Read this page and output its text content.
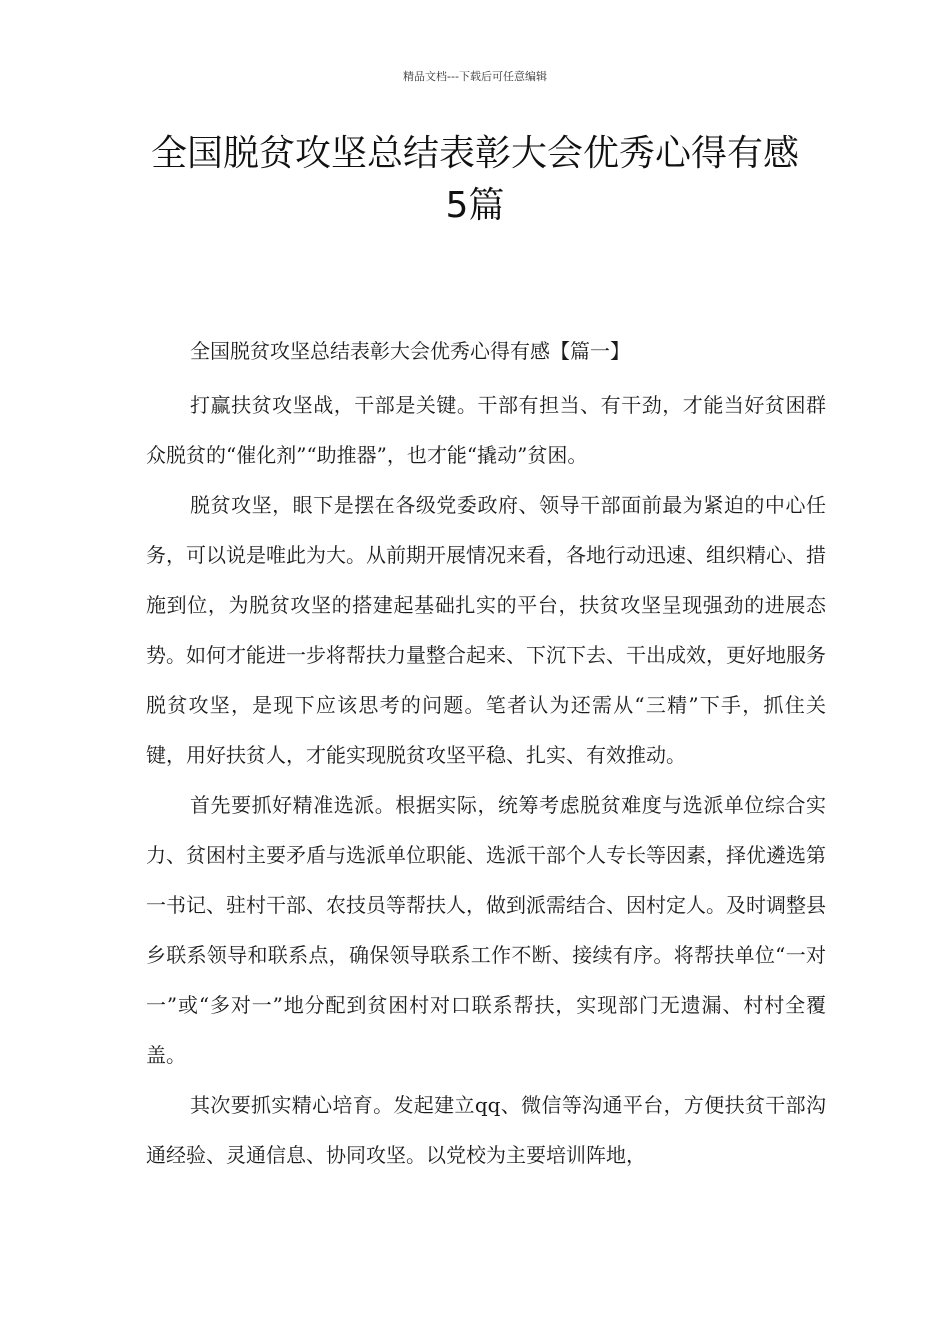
精品文档---下载后可任意编辑
全国脱贫攻坚总结表彰大会优秀心得有感5篇
全国脱贫攻坚总结表彰大会优秀心得有感【篇一】

打赢扶贫攻坚战，干部是关键。干部有担当、有干劲，才能当好贫困群众脱贫的“催化剂”“助推器”，也才能“撬动”贫困。

脱贫攻坚，眼下是摆在各级党委政府、领导干部面前最为紧迫的中心任务，可以说是唯此为大。从前期开展情况来看，各地行动迅速、组织精心、措施到位，为脱贫攻坚的搭建起基础扎实的平台，扶贫攻坚呈现强劲的进展态势。如何才能进一步将帮扶力量整合起来、下沉下去、干出成效，更好地服务脱贫攻坚，是现下应该思考的问题。笔者认为还需从“三精”下手，抓住关键，用好扶贫人，才能实现脱贫攻坚平稳、扎实、有效推动。

首先要抓好精准选派。根据实际，统筹考虑脱贫难度与选派单位综合实力、贫困村主要矛盾与选派单位职能、选派干部个人专长等因素，择优遴选第一书记、驻村干部、农技员等帮扶人，做到派需结合、因村定人。及时调整县乡联系领导和联系点，确保领导联系工作不断、接续有序。将帮扶单位“一对一”或“多对一”地分配到贫困村对口联系帮扶，实现部门无遗漏、村村全覆盖。

其次要抓实精心培育。发起建立qq、微信等沟通平台，方便扶贫干部沟通经验、灵通信息、协同攻坚。以党校为主要培训阵地，
